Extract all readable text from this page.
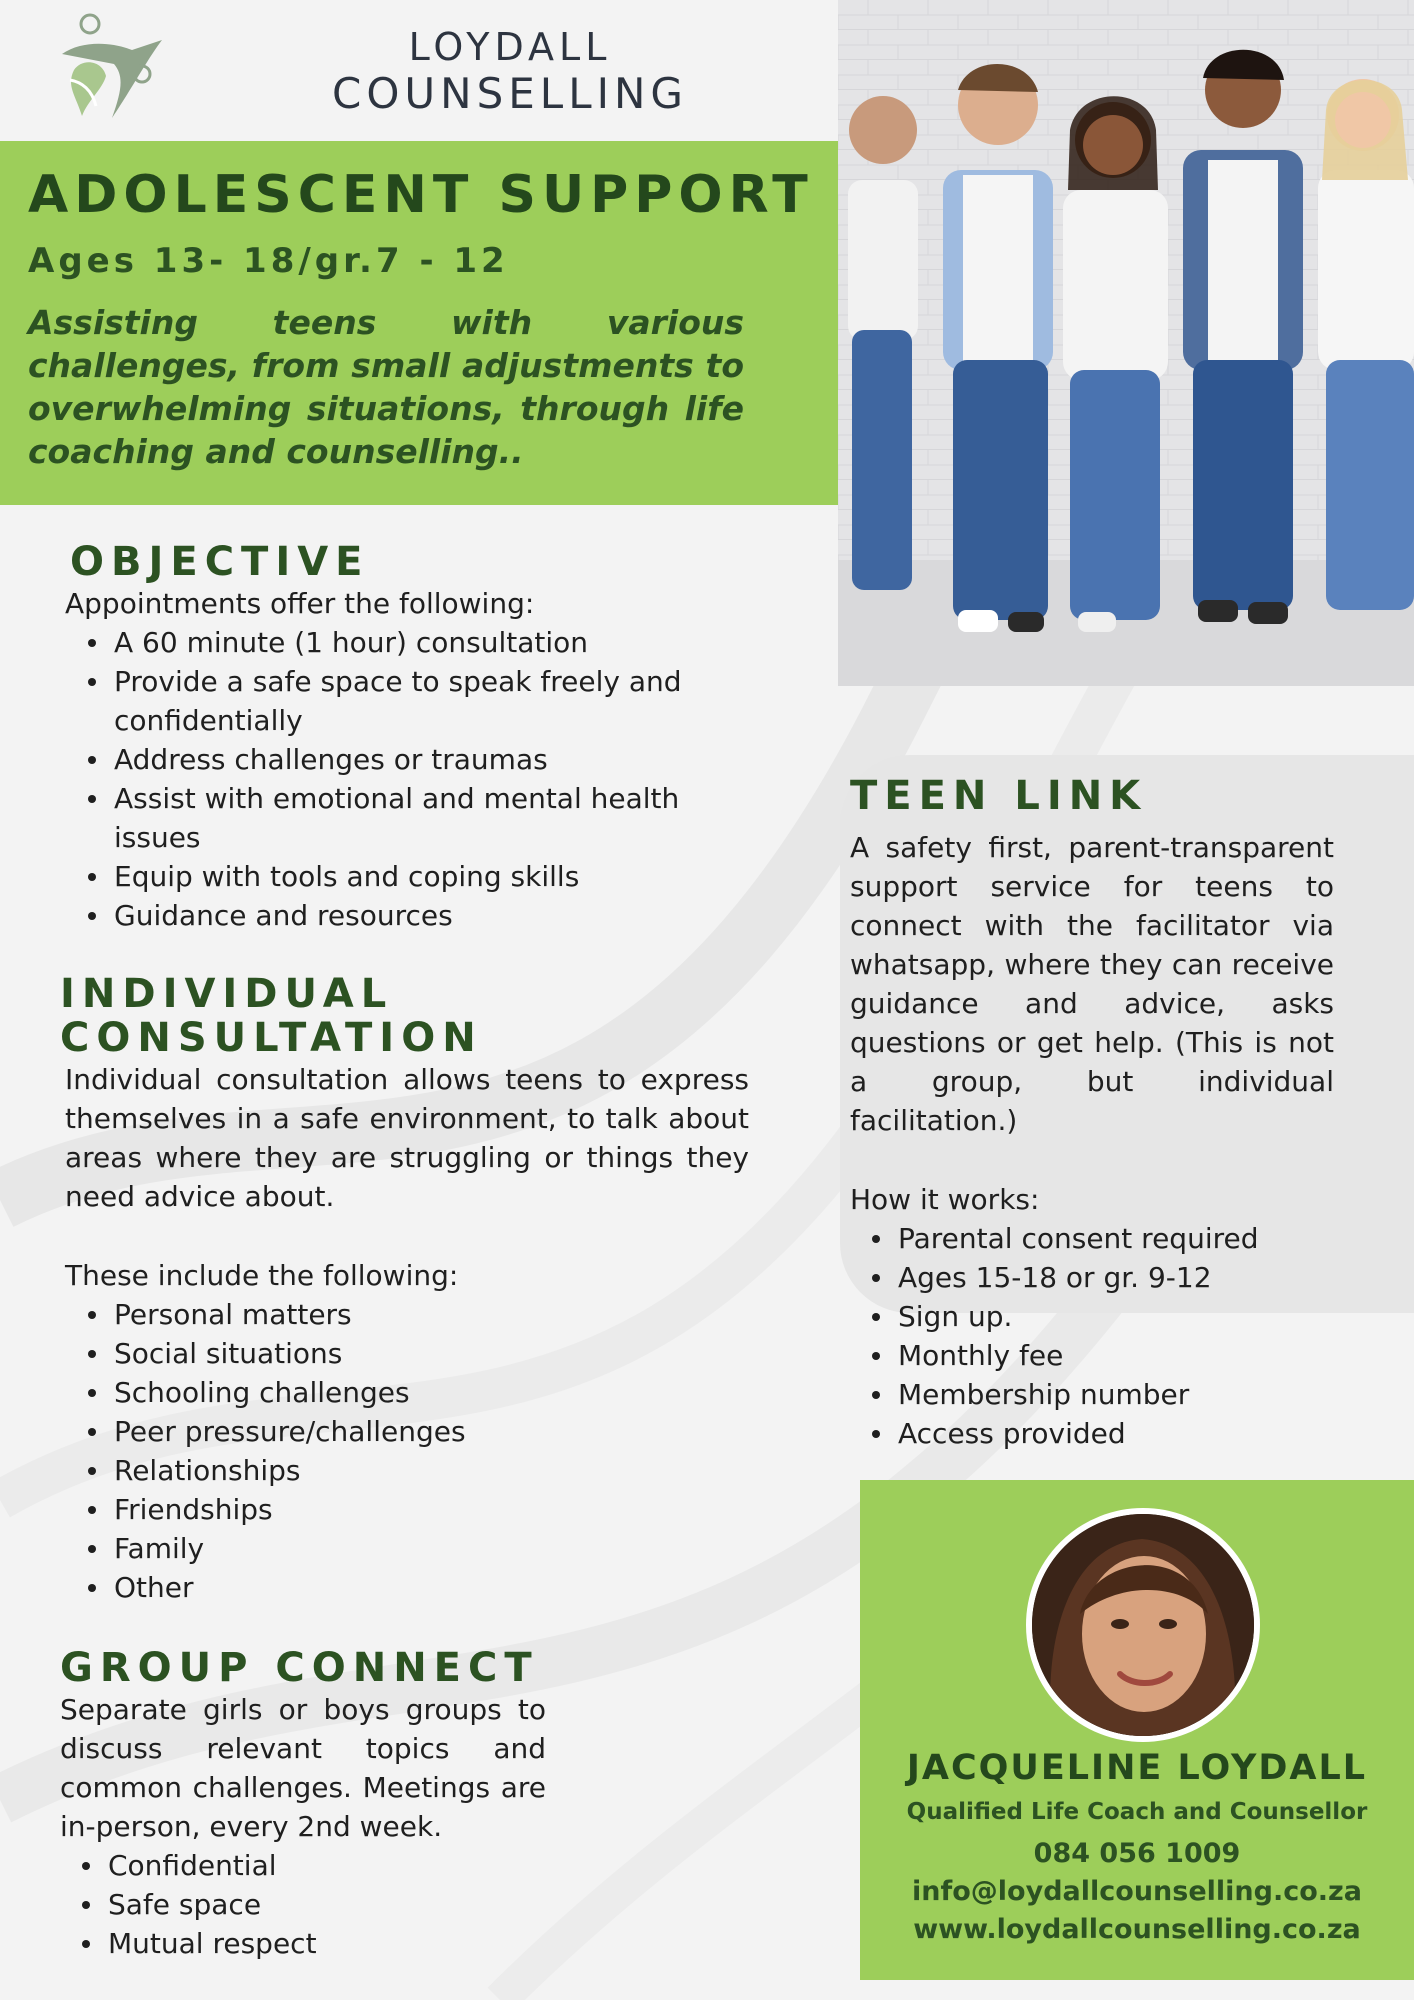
LOYDALL
COUNSELLING
ADOLESCENT SUPPORT
Ages 13- 18/gr.7 - 12
Assisting teens with various challenges, from small adjustments to overwhelming situations, through life coaching and counselling..
OBJECTIVE

Appointments offer the following:

A 60 minute (1 hour) consultation
Provide a safe space to speak freely and confidentially
Address challenges or traumas
Assist with emotional and mental health issues
Equip with tools and coping skills
Guidance and resources
INDIVIDUAL
CONSULTATION

Individual consultation allows teens to express themselves in a safe environment, to talk about areas where they are struggling or things they need advice about.

These include the following:

Personal matters
Social situations
Schooling challenges
Peer pressure/challenges
Relationships
Friendships
Family
Other
GROUP CONNECT

Separate girls or boys groups to discuss relevant topics and common challenges. Meetings are in-person, every 2nd week.

Confidential
Safe space
Mutual respect
TEEN LINK

A safety first, parent-transparent support service for teens to connect with the facilitator via whatsapp, where they can receive guidance and advice, asks questions or get help. (This is not a group, but individual facilitation.)

How it works:

Parental consent required
Ages 15-18 or gr. 9-12
Sign up.
Monthly fee
Membership number
Access provided
JACQUELINE LOYDALL
Qualified Life Coach and Counsellor
084 056 1009
info@loydallcounselling.co.za
www.loydallcounselling.co.za
